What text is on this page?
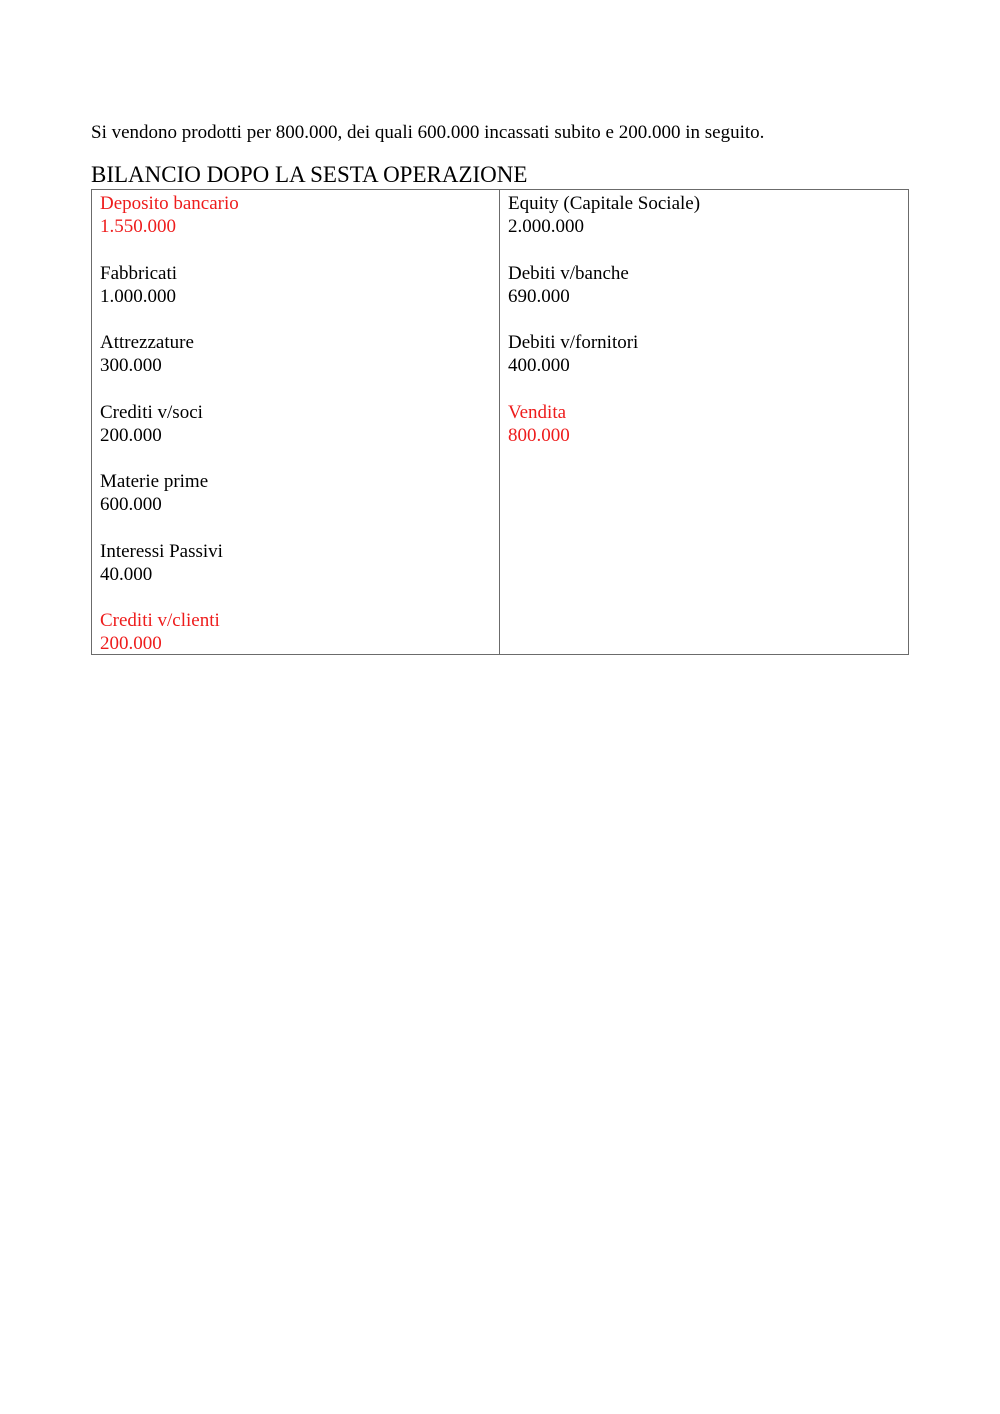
Si vendono prodotti per 800.000, dei quali 600.000 incassati subito e 200.000 in seguito.

BILANCIO DOPO LA SESTA OPERAZIONE
Deposito bancario
1.550.000
Fabbricati
1.000.000
Attrezzature
300.000
Crediti v/soci
200.000
Materie prime
600.000
Interessi Passivi
40.000
Crediti v/clienti
200.000
Equity (Capitale Sociale)
2.000.000
Debiti v/banche
690.000
Debiti v/fornitori
400.000
Vendita
800.000
